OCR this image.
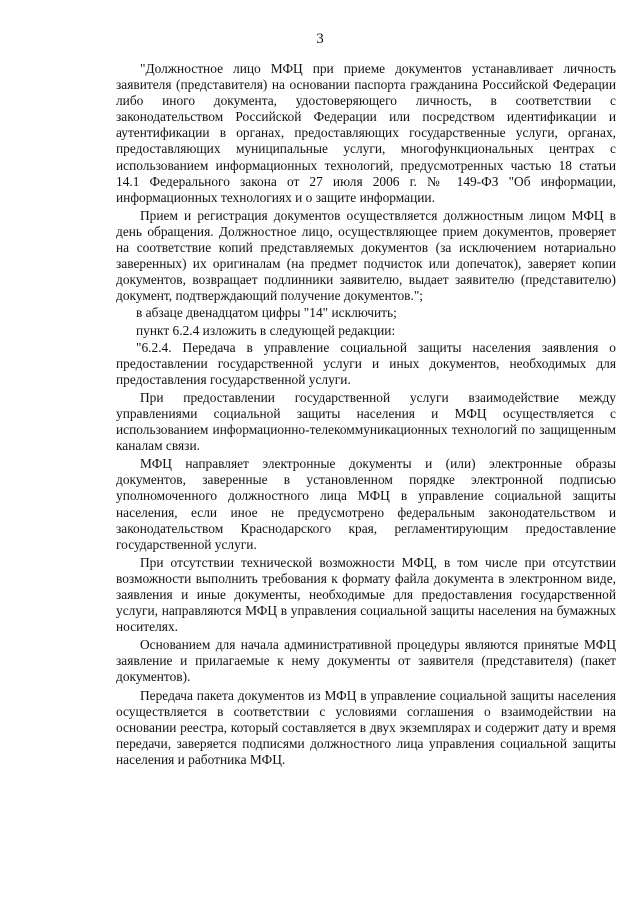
3

"Должностное лицо МФЦ при приеме документов устанавливает личность заявителя (представителя) на основании паспорта гражданина Российской Федерации либо иного документа, удостоверяющего личность, в соответствии с законодательством Российской Федерации или посредством идентификации и аутентификации в органах, предоставляющих государственные услуги, органах, предоставляющих муниципальные услуги, многофункциональных центрах с использованием информационных технологий, предусмотренных частью 18 статьи 14.1 Федерального закона от 27 июля 2006 г. № 149-ФЗ "Об информации, информационных технологиях и о защите информации.

Прием и регистрация документов осуществляется должностным лицом МФЦ в день обращения. Должностное лицо, осуществляющее прием документов, проверяет на соответствие копий представляемых документов (за исключением нотариально заверенных) их оригиналам (на предмет подчисток или допечаток), заверяет копии документов, возвращает подлинники заявителю, выдает заявителю (представителю) документ, подтверждающий получение документов.";

в абзаце двенадцатом цифры "14" исключить;

пункт 6.2.4 изложить в следующей редакции:

"6.2.4. Передача в управление социальной защиты населения заявления о предоставлении государственной услуги и иных документов, необходимых для предоставления государственной услуги.

При предоставлении государственной услуги взаимодействие между управлениями социальной защиты населения и МФЦ осуществляется с использованием информационно-телекоммуникационных технологий по защищенным каналам связи.

МФЦ направляет электронные документы и (или) электронные образы документов, заверенные в установленном порядке электронной подписью уполномоченного должностного лица МФЦ в управление социальной защиты населения, если иное не предусмотрено федеральным законодательством и законодательством Краснодарского края, регламентирующим предоставление государственной услуги.

При отсутствии технической возможности МФЦ, в том числе при отсутствии возможности выполнить требования к формату файла документа в электронном виде, заявления и иные документы, необходимые для предоставления государственной услуги, направляются МФЦ в управления социальной защиты населения на бумажных носителях.

Основанием для начала административной процедуры являются принятые МФЦ заявление и прилагаемые к нему документы от заявителя (представителя) (пакет документов).

Передача пакета документов из МФЦ в управление социальной защиты населения осуществляется в соответствии с условиями соглашения о взаимодействии на основании реестра, который составляется в двух экземплярах и содержит дату и время передачи, заверяется подписями должностного лица управления социальной защиты населения и работника МФЦ.
